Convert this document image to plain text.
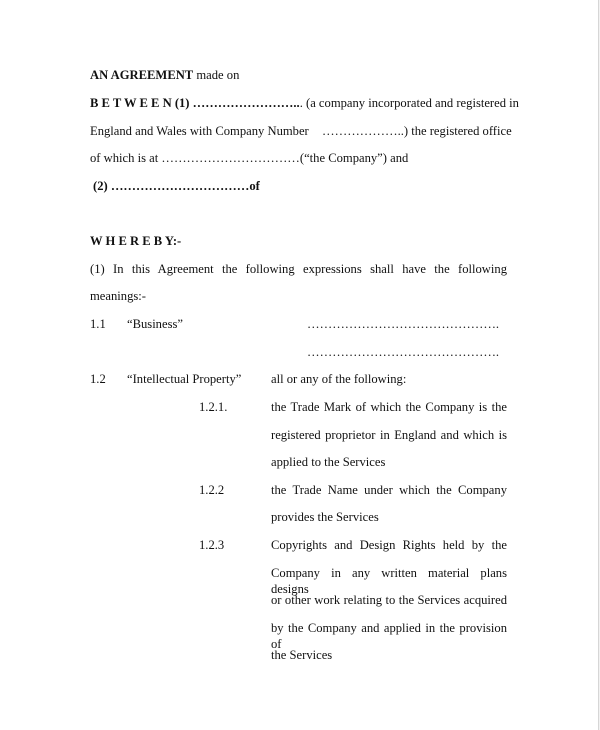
AN AGREEMENT made on
B E T W E E N (1) ……………………... (a company incorporated and registered in
England and Wales with Company Number ………………..) the registered office
of which is at ……………………………(“the Company”) and
(2) ……………………………of
W H E R E B Y:-
(1) In this Agreement the following expressions shall have the following
meanings:-
1.1 “Business”	……………………………………….
……………………………………….
1.2 “Intellectual Property” all or any of the following:
1.2.1.	the Trade Mark of which the Company is the
registered proprietor in England and which is
applied to the Services
1.2.2	the Trade Name under which the Company
provides the Services
1.2.3	Copyrights and Design Rights held by the
Company in any written material plans designs
or other work relating to the Services acquired
by the Company and applied in the provision of
the Services
